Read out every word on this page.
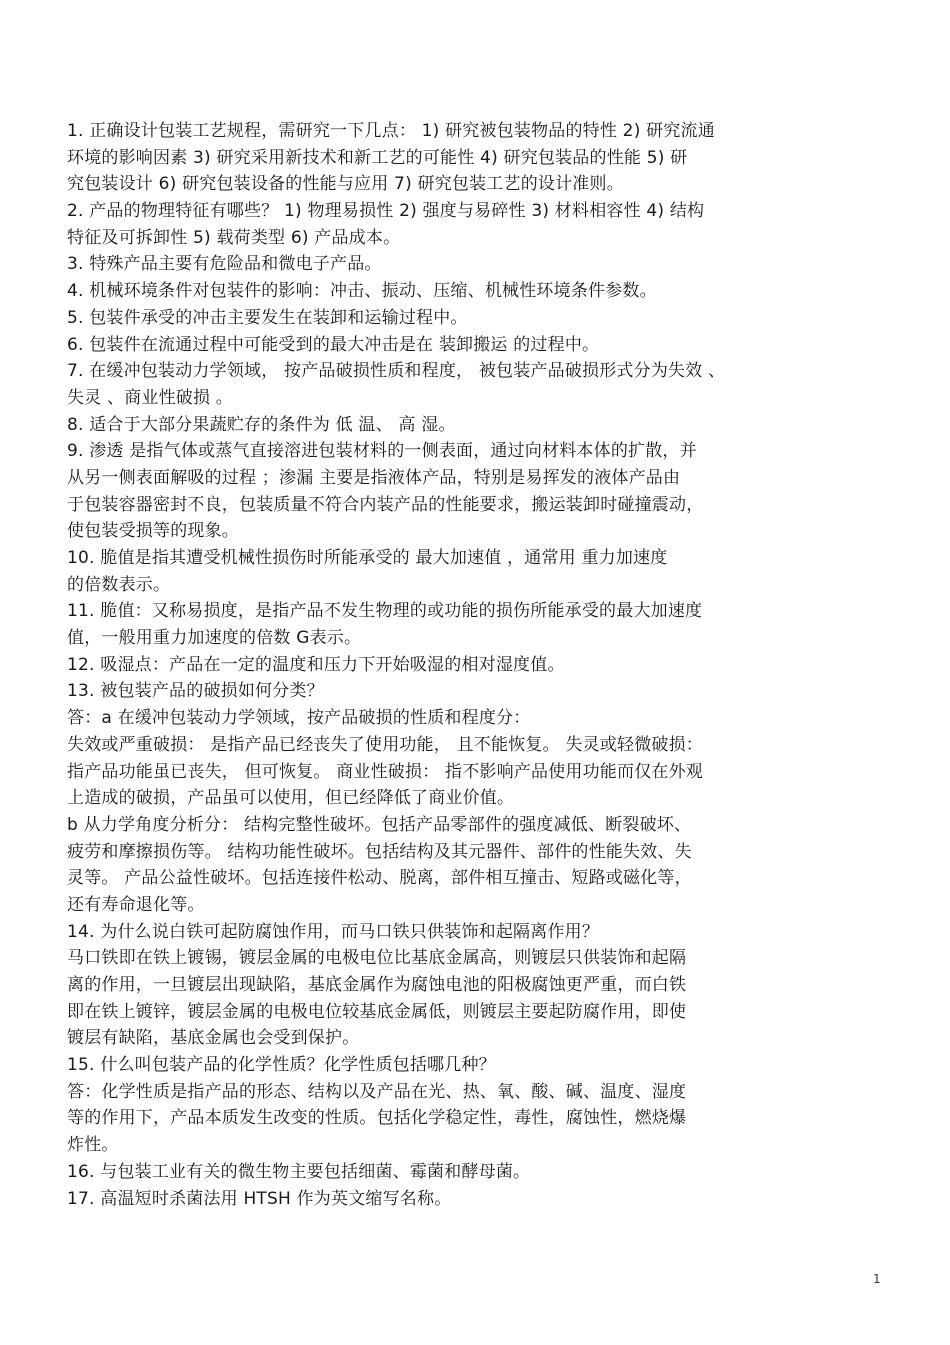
1. 正确设计包装工艺规程，需研究一下几点： 1) 研究被包装物品的特性 2) 研究流通
环境的影响因素 3) 研究采用新技术和新工艺的可能性 4) 研究包装品的性能 5) 研
究包装设计 6) 研究包装设备的性能与应用 7) 研究包装工艺的设计准则。
2. 产品的物理特征有哪些？ 1) 物理易损性 2) 强度与易碎性 3) 材料相容性 4) 结构
特征及可拆卸性 5) 载荷类型 6) 产品成本。
3. 特殊产品主要有危险品和微电子产品。
4. 机械环境条件对包装件的影响：冲击、振动、压缩、机械性环境条件参数。
5. 包装件承受的冲击主要发生在装卸和运输过程中。
6. 包装件在流通过程中可能受到的最大冲击是在 装卸搬运 的过程中。
7. 在缓冲包装动力学领域， 按产品破损性质和程度， 被包装产品破损形式分为失效 、
失灵 、商业性破损 。
8. 适合于大部分果蔬贮存的条件为 低 温、 高 湿。
9. 渗透 是指气体或蒸气直接溶进包装材料的一侧表面，通过向材料本体的扩散，并
从另一侧表面解吸的过程 ；渗漏 主要是指液体产品，特别是易挥发的液体产品由
于包装容器密封不良，包装质量不符合内装产品的性能要求，搬运装卸时碰撞震动，
使包装受损等的现象。
10. 脆值是指其遭受机械性损伤时所能承受的 最大加速值 ，通常用 重力加速度
的倍数表示。
11. 脆值：又称易损度，是指产品不发生物理的或功能的损伤所能承受的最大加速度
值，一般用重力加速度的倍数 G表示。
12. 吸湿点：产品在一定的温度和压力下开始吸湿的相对湿度值。
13. 被包装产品的破损如何分类？
答：a 在缓冲包装动力学领域，按产品破损的性质和程度分：
失效或严重破损： 是指产品已经丧失了使用功能， 且不能恢复。 失灵或轻微破损：
指产品功能虽已丧失， 但可恢复。 商业性破损： 指不影响产品使用功能而仅在外观
上造成的破损，产品虽可以使用，但已经降低了商业价值。
b 从力学角度分析分： 结构完整性破坏。包括产品零部件的强度减低、断裂破坏、
疲劳和摩擦损伤等。 结构功能性破坏。包括结构及其元器件、部件的性能失效、失
灵等。 产品公益性破坏。包括连接件松动、脱离，部件相互撞击、短路或磁化等，
还有寿命退化等。
14. 为什么说白铁可起防腐蚀作用，而马口铁只供装饰和起隔离作用？
马口铁即在铁上镀锡，镀层金属的电极电位比基底金属高，则镀层只供装饰和起隔
离的作用，一旦镀层出现缺陷，基底金属作为腐蚀电池的阳极腐蚀更严重，而白铁
即在铁上镀锌，镀层金属的电极电位较基底金属低，则镀层主要起防腐作用，即使
镀层有缺陷，基底金属也会受到保护。
15. 什么叫包装产品的化学性质？化学性质包括哪几种？
答：化学性质是指产品的形态、结构以及产品在光、热、氧、酸、碱、温度、湿度
等的作用下，产品本质发生改变的性质。包括化学稳定性，毒性，腐蚀性，燃烧爆
炸性。
16. 与包装工业有关的微生物主要包括细菌、霉菌和酵母菌。
17. 高温短时杀菌法用 HTSH 作为英文缩写名称。
1
